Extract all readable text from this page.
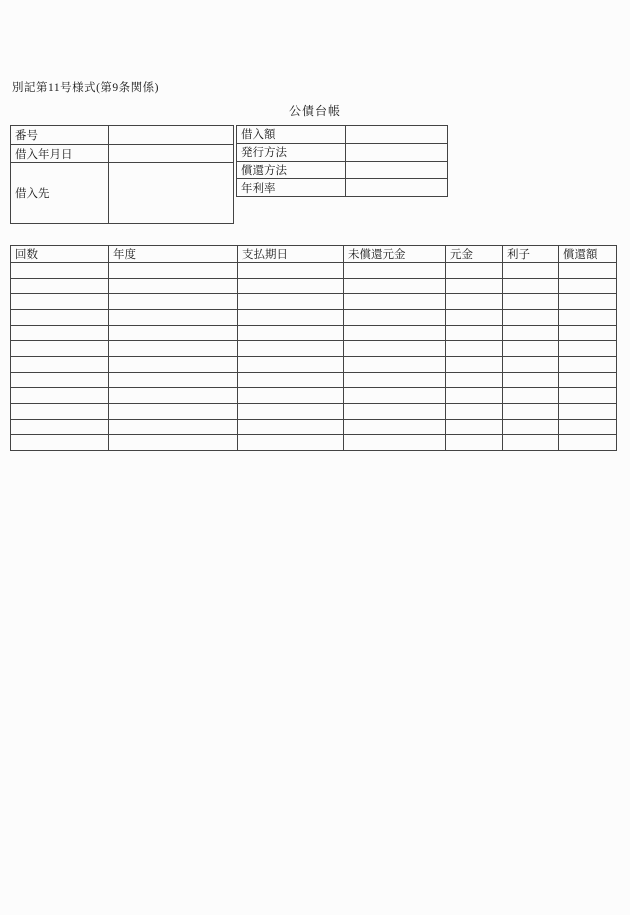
別記第11号様式(第9条関係)
公債台帳
番号	
借入年月日	
借入先	
借入額	
発行方法	
償還方法	
年利率	
回数	年度	支払期日	未償還元金	元金	利子	償還額
